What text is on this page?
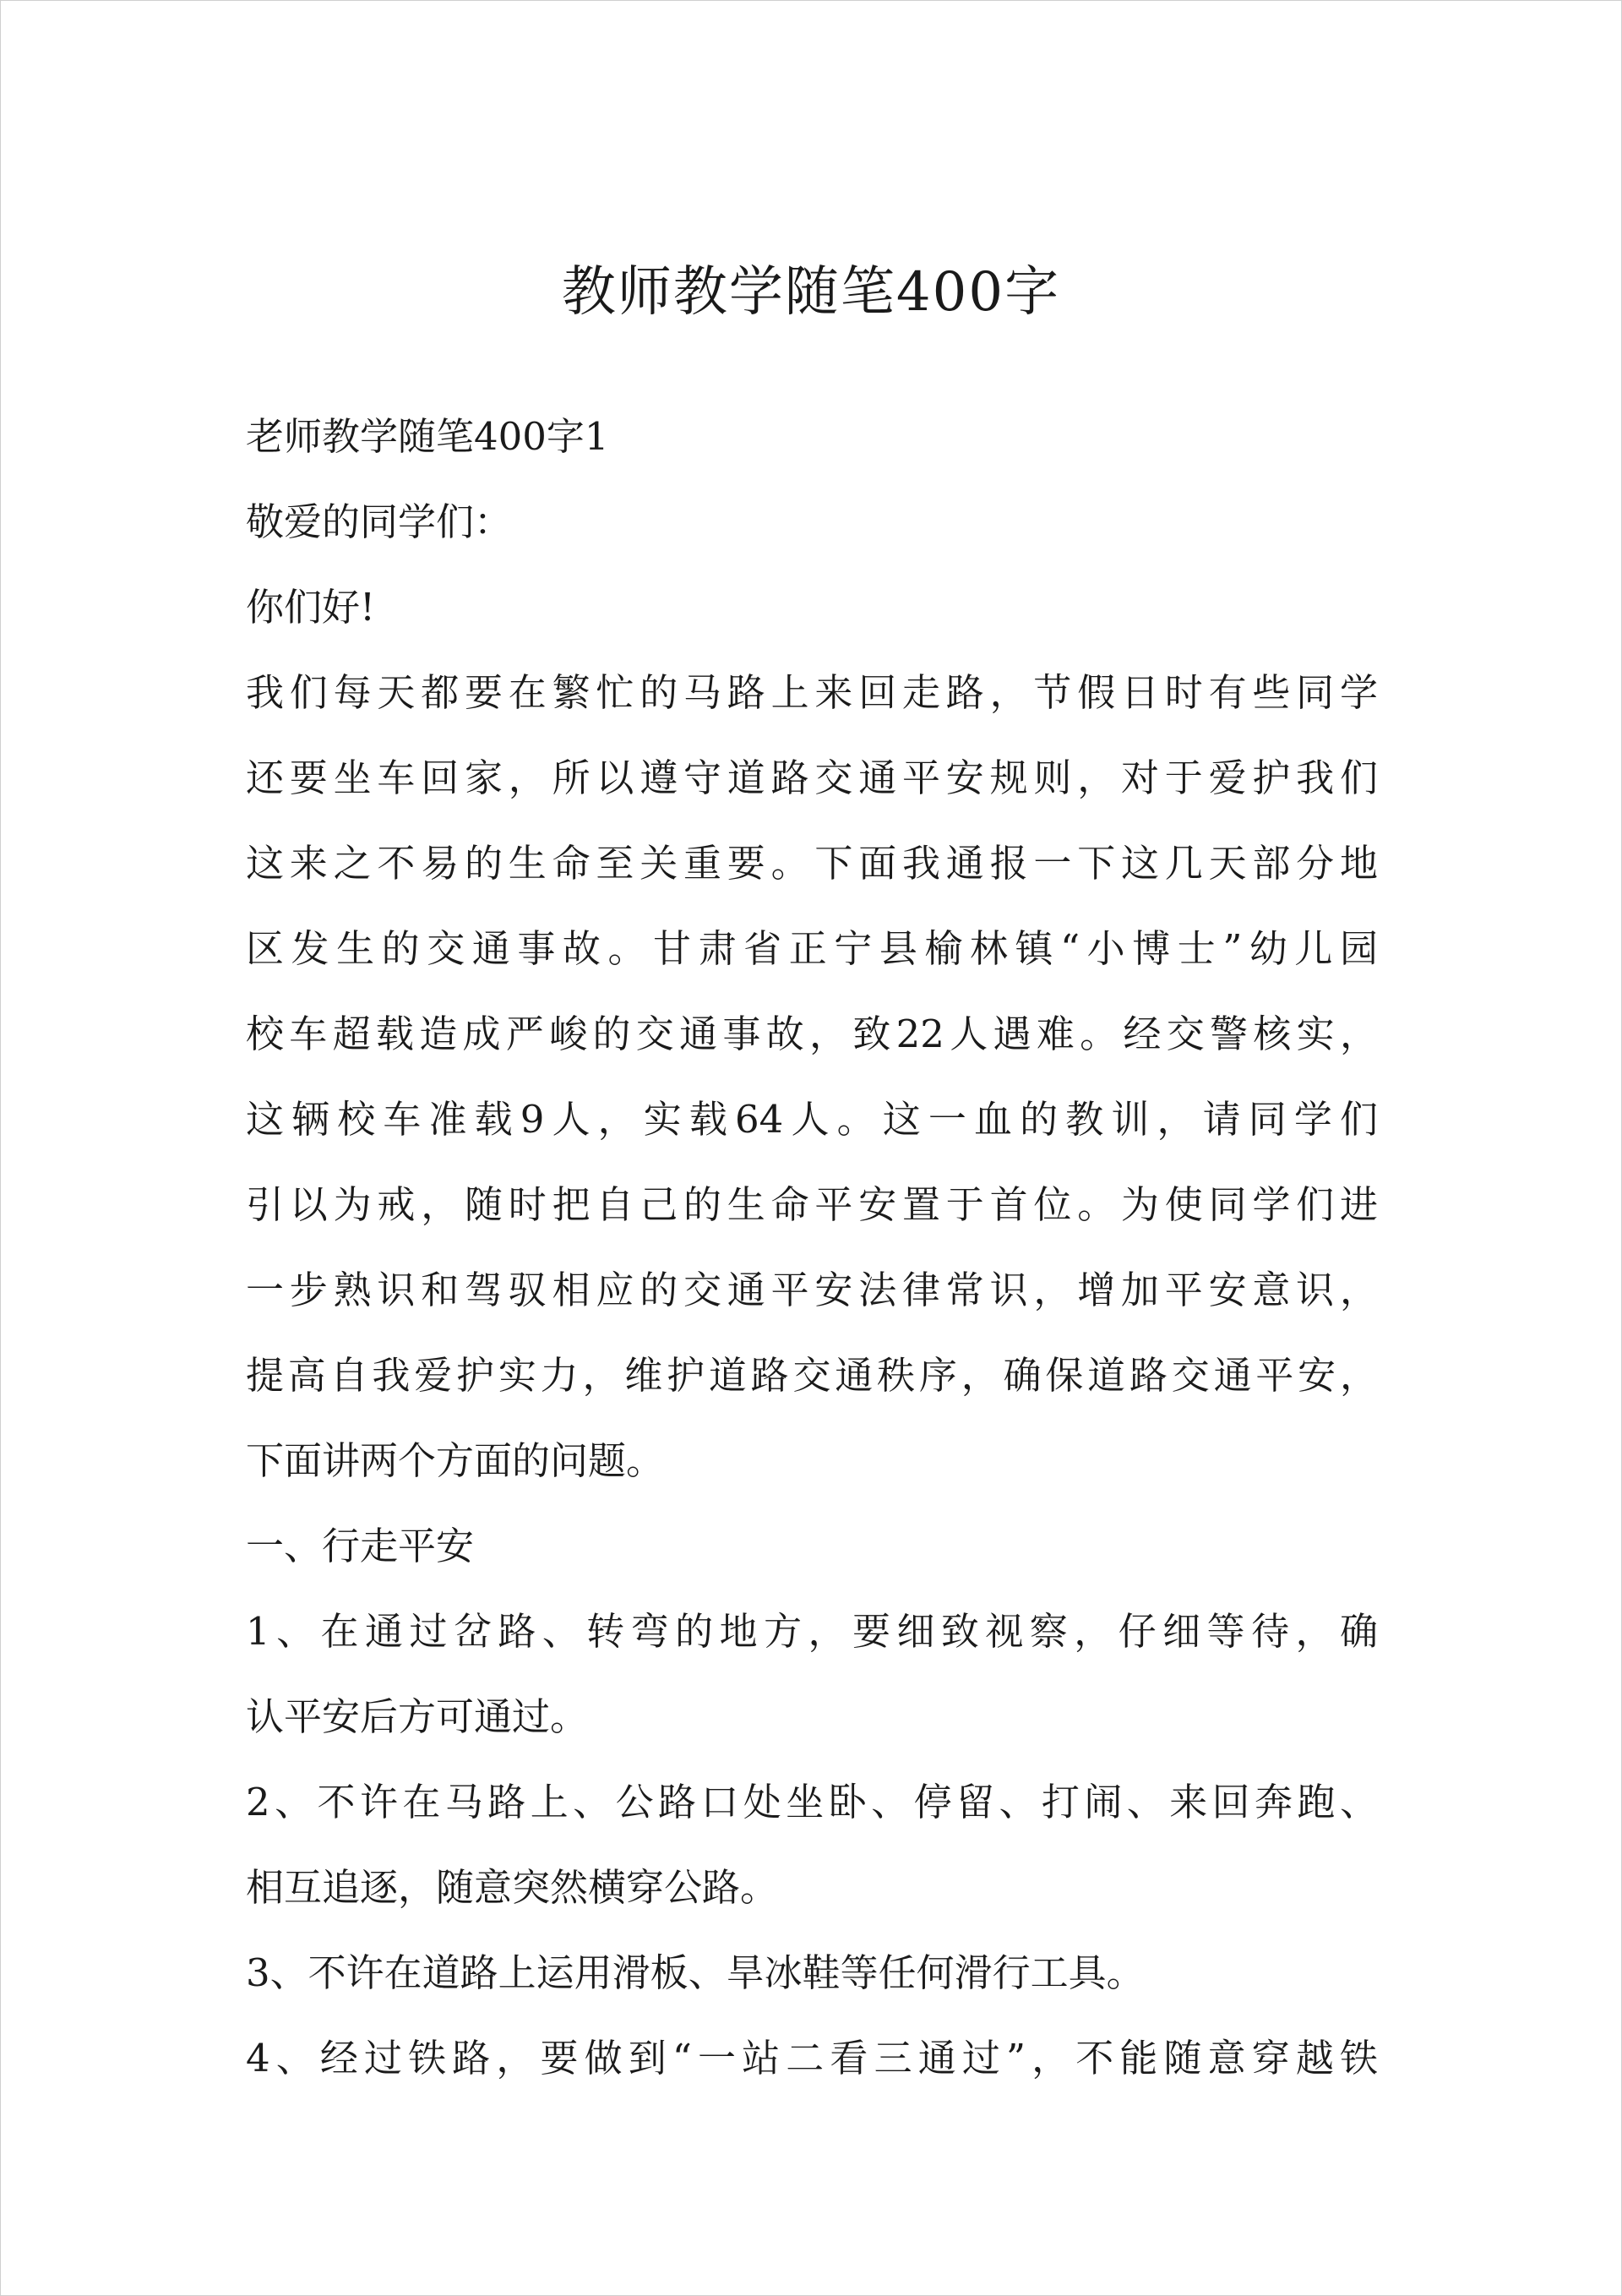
教师教学随笔400字

老师教学随笔400字1

敬爱的同学们：

你们好!

我们每天都要在繁忙的马路上来回走路，节假日时有些同学

还要坐车回家，所以遵守道路交通平安规则，对于爱护我们

这来之不易的生命至关重要。下面我通报一下这几天部分地

区发生的交通事故。甘肃省正宁县榆林镇“小博士”幼儿园

校车超载造成严峻的交通事故，致22人遇难。经交警核实，

这辆校车准载9人，实载64人。这一血的教训，请同学们

引以为戒，随时把自己的生命平安置于首位。为使同学们进

一步熟识和驾驭相应的交通平安法律常识，增加平安意识，

提高自我爱护实力，维护道路交通秩序，确保道路交通平安，

下面讲两个方面的问题。

一、行走平安

1、在通过岔路、转弯的地方，要细致视察，仔细等待，确

认平安后方可通过。

2、不许在马路上、公路口处坐卧、停留、打闹、来回奔跑、

相互追逐，随意突然横穿公路。

3、不许在道路上运用滑板、旱冰鞋等任何滑行工具。

4、经过铁路，要做到“一站二看三通过”，不能随意穿越铁
